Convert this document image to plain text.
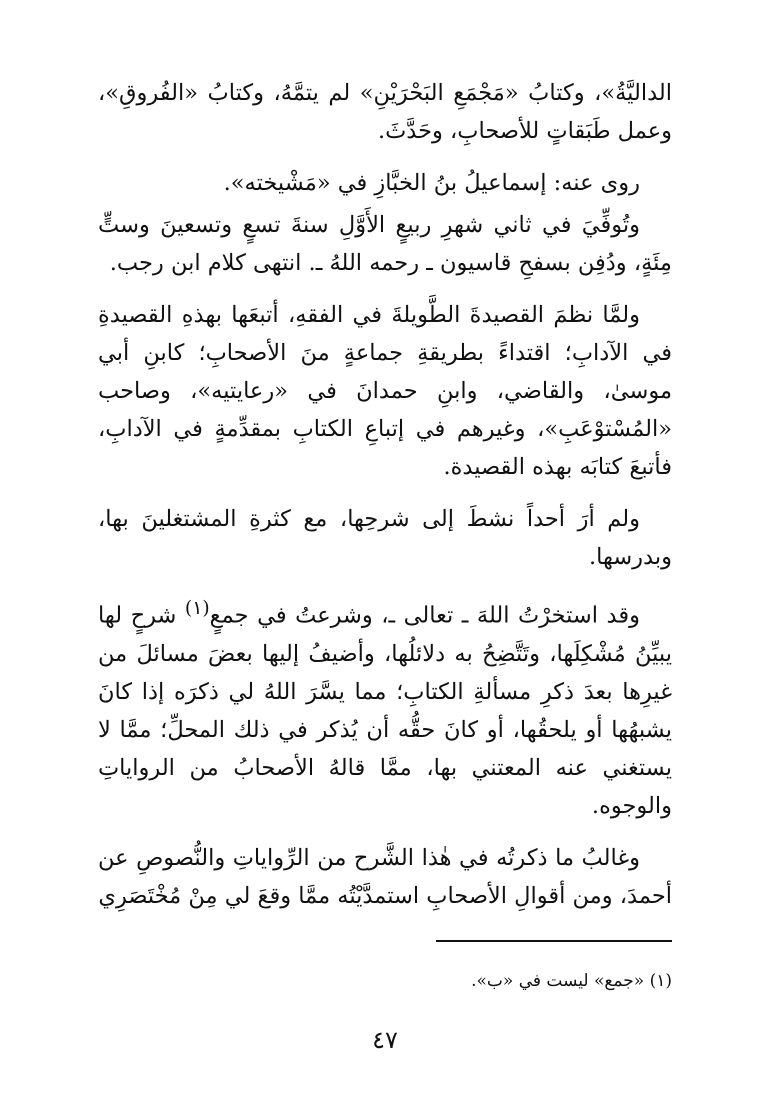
الداليَّةُ»، وكتابُ «مَجْمَعِ البَحْرَيْنِ» لم يتمَّهُ، وكتابُ «الفُروقِ»، وعمل طَبَقاتٍ للأصحابِ، وحَدَّثَ.

روى عنه: إسماعيلُ بنُ الخبَّازِ في «مَشْيخته».

وتُوفِّيَ في ثاني شهرِ ربيعٍ الأَوَّلِ سنةَ تسعٍ وتسعينَ وستٍّ مِئَةٍ، ودُفِن بسفحِ قاسيون ـ رحمه اللهُ ـ. انتهى كلام ابن رجب.

ولمَّا نظمَ القصيدةَ الطَّويلةَ في الفقهِ، أتبعَها بهذهِ القصيدةِ في الآدابِ؛ اقتداءً بطريقةِ جماعةٍ منَ الأصحابِ؛ كابنِ أبي موسىٰ، والقاضي، وابنِ حمدانَ في «رعايتيه»، وصاحب «المُسْتوْعَبِ»، وغيرهم في إتباعِ الكتابِ بمقدِّمةٍ في الآدابِ، فأتبعَ كتابَه بهذه القصيدة.

ولم أرَ أحداً نشطَ إلى شرحِها، مع كثرةِ المشتغلينَ بها، وبدرسها.

وقد استخرْتُ اللهَ ـ تعالى ـ، وشرعتُ في جمعٍ$^{(١)}$ شرحٍ لها يبيِّنُ مُشْكِلَها، وتَتَّضِحُ به دلائلُها، وأضيفُ إليها بعضَ مسائلَ من غيرِها بعدَ ذكرِ مسألةِ الكتابِ؛ مما يسَّرَ اللهُ لي ذكرَه إذا كانَ يشبهُها أو يلحقُها، أو كانَ حقُّه أن يُذكر في ذلك المحلِّ؛ ممَّا لا يستغني عنه المعتني بها، ممَّا قالهُ الأصحابُ من الرواياتِ والوجوه.

وغالبُ ما ذكرتُه في هٰذا الشَّرح من الرِّواياتِ والنُّصوصِ عن أحمدَ، ومن أقوالِ الأصحابِ استمدَّيْتُه ممَّا وقعَ لي مِنْ مُخْتَصَرِي

(١) «جمع» ليست في «ب».
٤٧
